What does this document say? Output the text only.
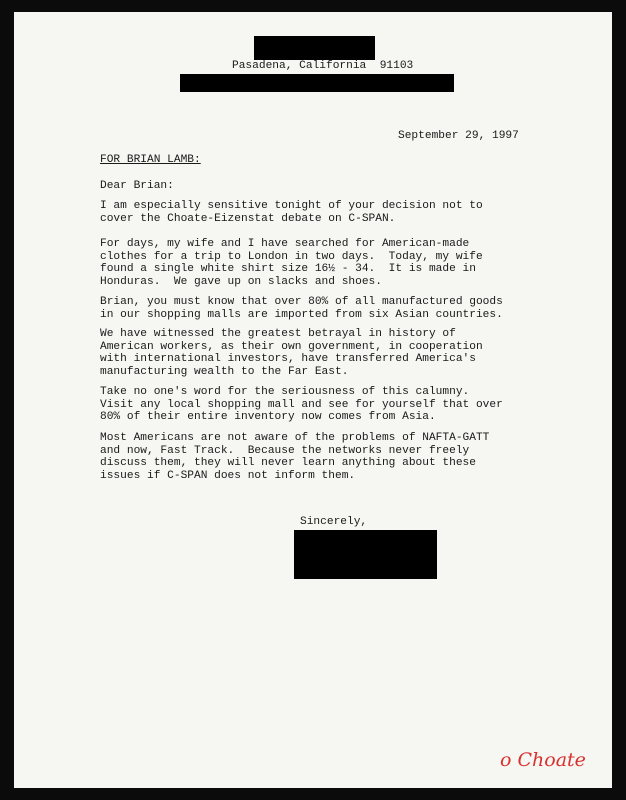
Pasadena, California  91103

September 29, 1997

FOR BRIAN LAMB:

Dear Brian:

I am especially sensitive tonight of your decision not to
cover the Choate-Eizenstat debate on C-SPAN.
For days, my wife and I have searched for American-made
clothes for a trip to London in two days.  Today, my wife
found a single white shirt size 16½ - 34.  It is made in
Honduras.  We gave up on slacks and shoes.
Brian, you must know that over 80% of all manufactured goods
in our shopping malls are imported from six Asian countries.
We have witnessed the greatest betrayal in history of
American workers, as their own government, in cooperation
with international investors, have transferred America's
manufacturing wealth to the Far East.
Take no one's word for the seriousness of this calumny.
Visit any local shopping mall and see for yourself that over
80% of their entire inventory now comes from Asia.
Most Americans are not aware of the problems of NAFTA-GATT
and now, Fast Track.  Because the networks never freely
discuss them, they will never learn anything about these
issues if C-SPAN does not inform them.

Sincerely,

o Choate
